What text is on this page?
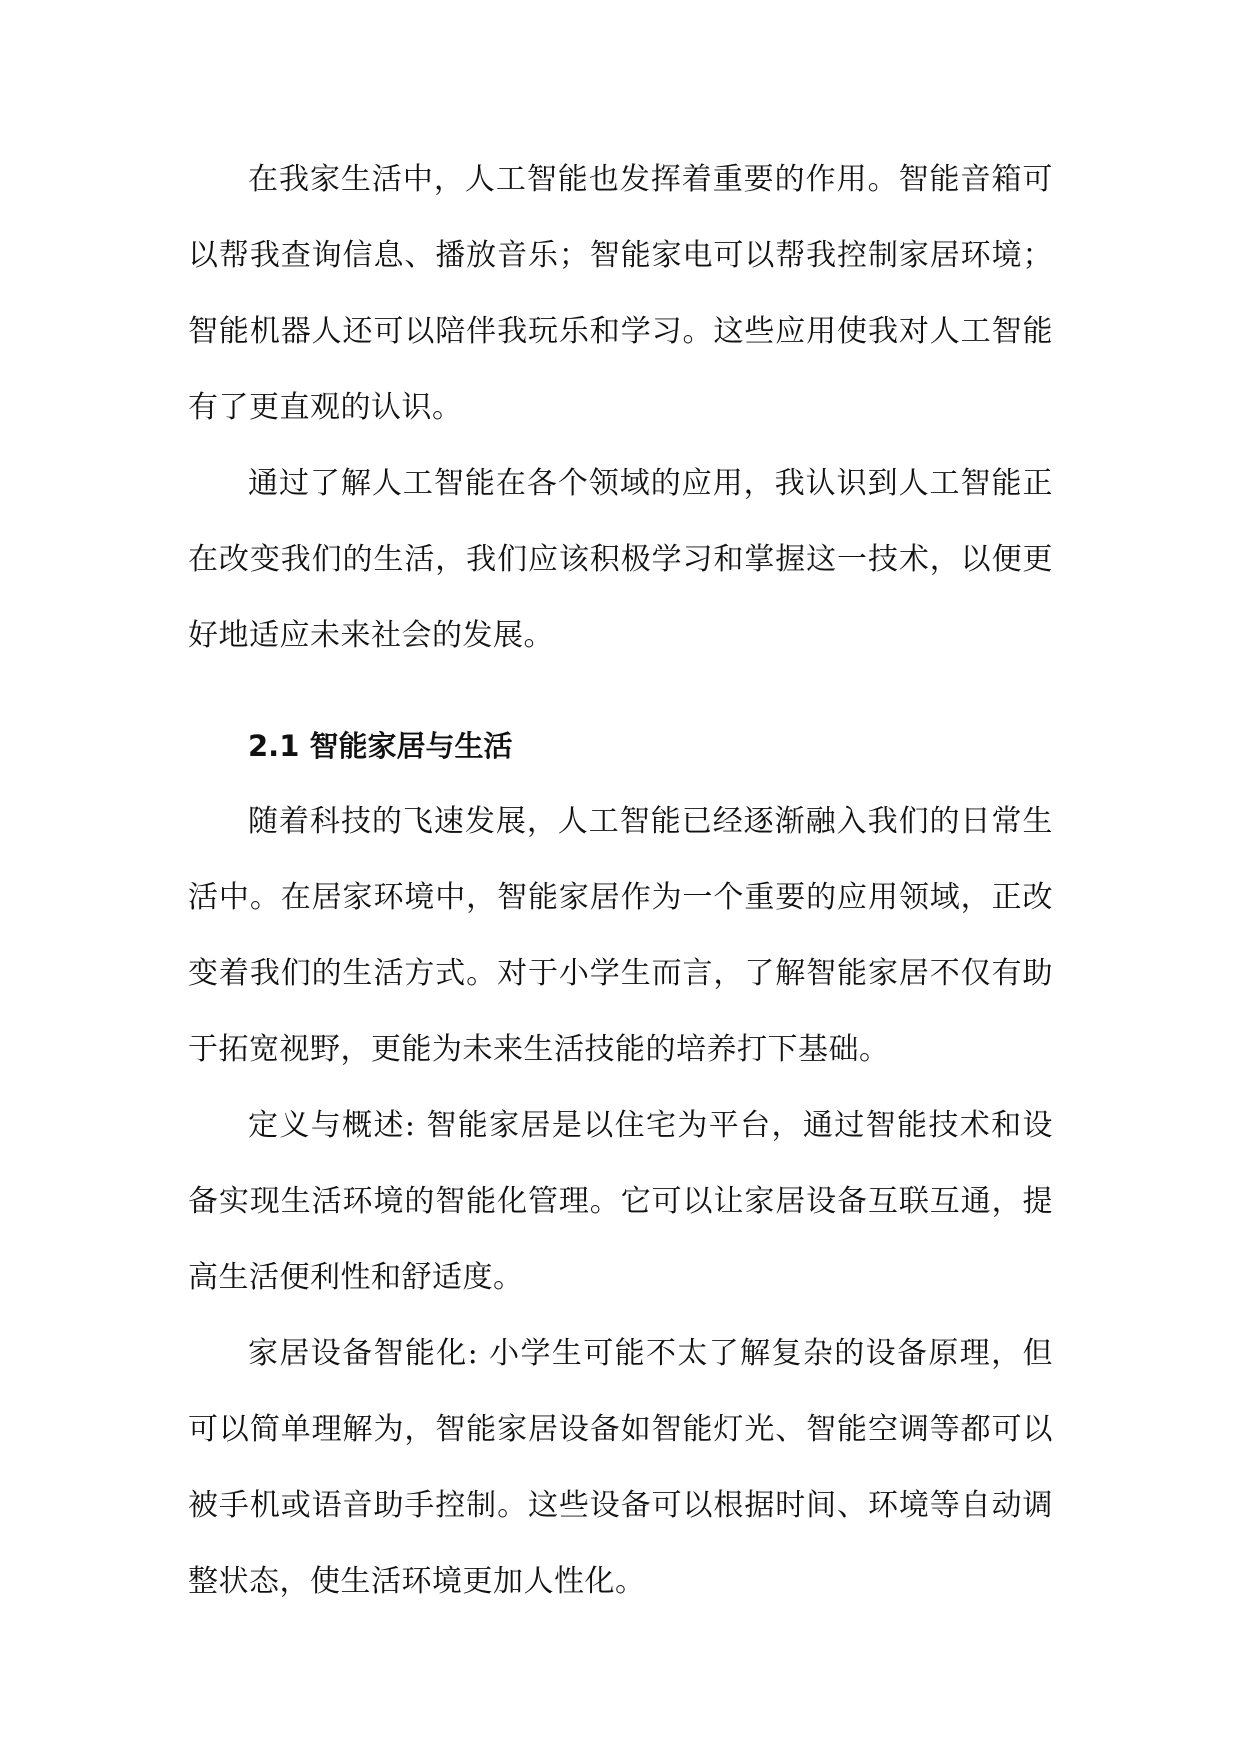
在我家生活中，人工智能也发挥着重要的作用。智能音箱可以帮我查询信息、播放音乐；智能家电可以帮我控制家居环境；智能机器人还可以陪伴我玩乐和学习。这些应用使我对人工智能有了更直观的认识。

通过了解人工智能在各个领域的应用，我认识到人工智能正在改变我们的生活，我们应该积极学习和掌握这一技术，以便更好地适应未来社会的发展。

2.1 智能家居与生活

随着科技的飞速发展，人工智能已经逐渐融入我们的日常生活中。在居家环境中，智能家居作为一个重要的应用领域，正改变着我们的生活方式。对于小学生而言，了解智能家居不仅有助于拓宽视野，更能为未来生活技能的培养打下基础。

定义与概述: 智能家居是以住宅为平台，通过智能技术和设备实现生活环境的智能化管理。它可以让家居设备互联互通，提高生活便利性和舒适度。

家居设备智能化: 小学生可能不太了解复杂的设备原理，但可以简单理解为，智能家居设备如智能灯光、智能空调等都可以被手机或语音助手控制。这些设备可以根据时间、环境等自动调整状态，使生活环境更加人性化。
